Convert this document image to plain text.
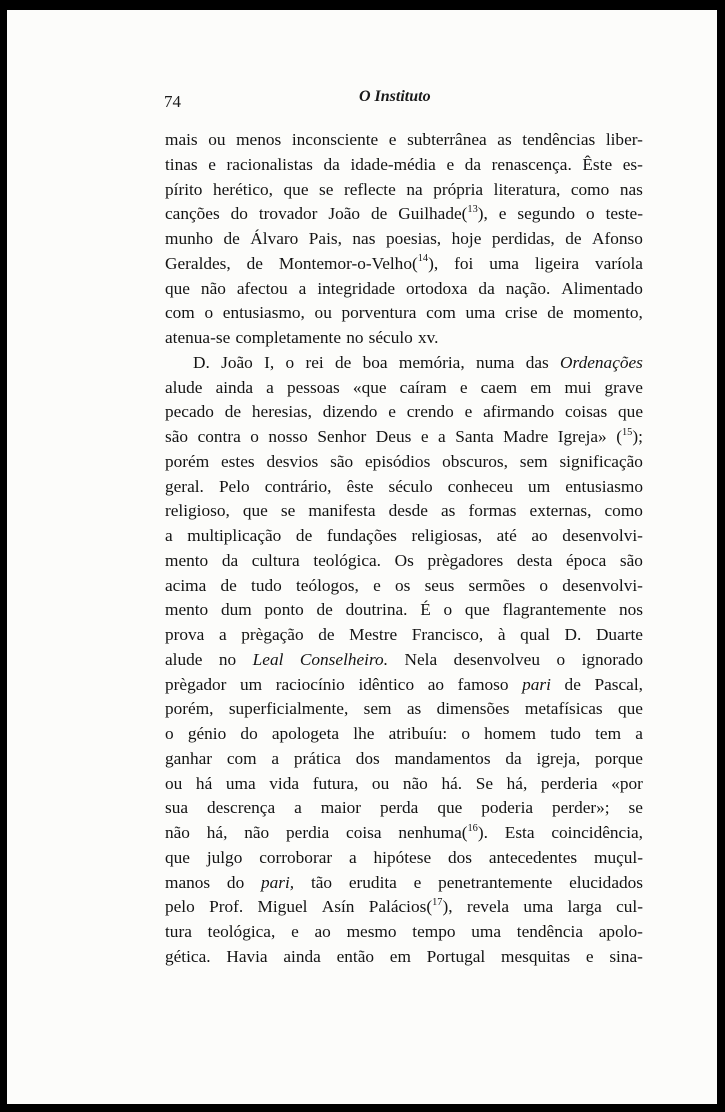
74	O Instituto
mais ou menos inconsciente e subterrânea as tendências liber-
tinas e racionalistas da idade-média e da renascença. Êste es-
pírito herético, que se reflecte na própria literatura, como nas
canções do trovador João de Guilhade($^{13}$), e segundo o teste-
munho de Álvaro Pais, nas poesias, hoje perdidas, de Afonso
Geraldes, de Montemor-o-Velho($^{14}$), foi uma ligeira varíola
que não afectou a integridade ortodoxa da nação. Alimentado
com o entusiasmo, ou porventura com uma crise de momento,
atenua-se completamente no século xv.
D. João I, o rei de boa memória, numa das Ordenações
alude ainda a pessoas «que caíram e caem em mui grave
pecado de heresias, dizendo e crendo e afirmando coisas que
são contra o nosso Senhor Deus e a Santa Madre Igreja» ($^{15}$);
porém estes desvios são episódios obscuros, sem significação
geral. Pelo contrário, êste século conheceu um entusiasmo
religioso, que se manifesta desde as formas externas, como
a multiplicação de fundações religiosas, até ao desenvolvi-
mento da cultura teológica. Os prègadores desta época são
acima de tudo teólogos, e os seus sermões o desenvolvi-
mento dum ponto de doutrina. É o que flagrantemente nos
prova a prègação de Mestre Francisco, à qual D. Duarte
alude no Leal Conselheiro. Nela desenvolveu o ignorado
prègador um raciocínio idêntico ao famoso pari de Pascal,
porém, superficialmente, sem as dimensões metafísicas que
o génio do apologeta lhe atribuíu: o homem tudo tem a
ganhar com a prática dos mandamentos da igreja, porque
ou há uma vida futura, ou não há. Se há, perderia «por
sua descrença a maior perda que poderia perder»; se
não há, não perdia coisa nenhuma($^{16}$). Esta coincidência,
que julgo corroborar a hipótese dos antecedentes muçul-
manos do pari, tão erudita e penetrantemente elucidados
pelo Prof. Miguel Asín Palácios($^{17}$), revela uma larga cul-
tura teológica, e ao mesmo tempo uma tendência apolo-
gética. Havia ainda então em Portugal mesquitas e sina-
